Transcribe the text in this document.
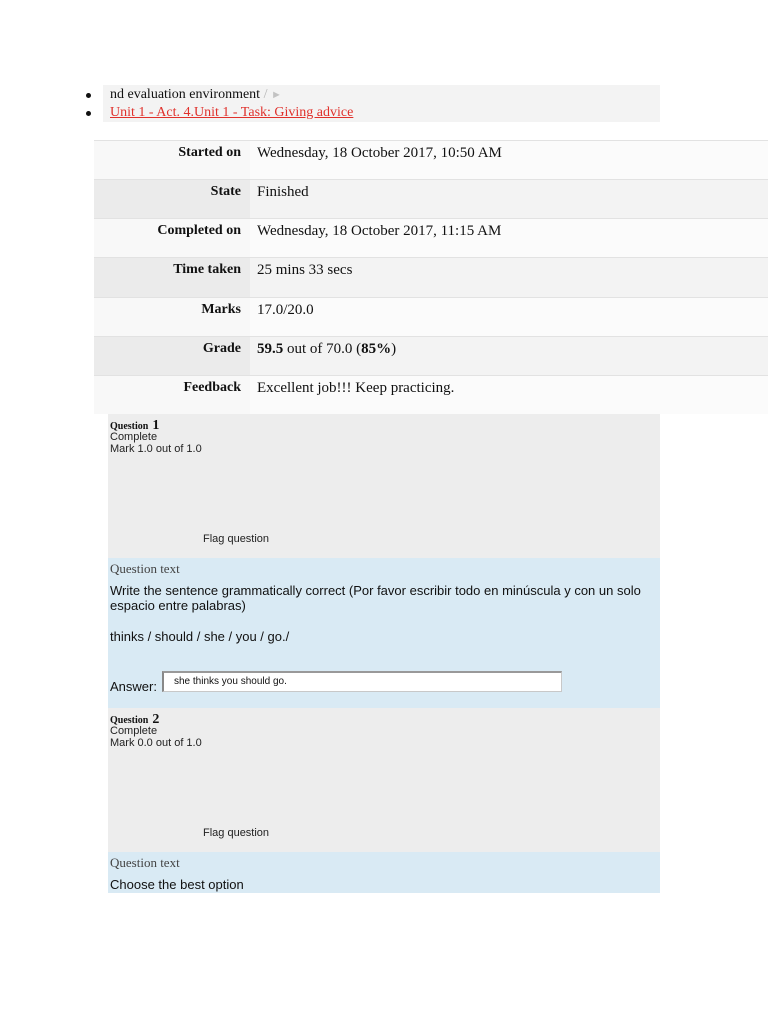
nd evaluation environment / ►
Unit 1 - Act. 4.Unit 1 - Task: Giving advice
Started on	Wednesday, 18 October 2017, 10:50 AM
State	Finished
Completed on	Wednesday, 18 October 2017, 11:15 AM
Time taken	25 mins 33 secs
Marks	17.0/20.0
Grade	59.5 out of 70.0 (85%)
Feedback	Excellent job!!! Keep practicing.
Question 1
Complete
Mark 1.0 out of 1.0
Flag question
Question text
Write the sentence grammatically correct (Por favor escribir todo en minúscula y con un solo espacio entre palabras)
thinks / should / she / you / go./
Answer:	she thinks you should go.
Question 2
Complete
Mark 0.0 out of 1.0
Flag question
Question text
Choose the best option
